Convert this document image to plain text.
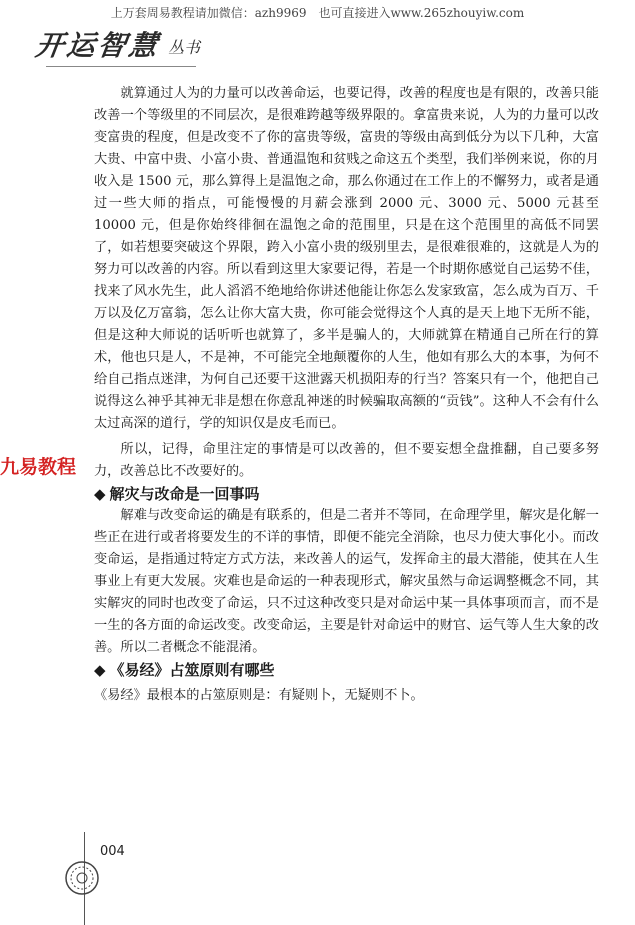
上万套周易教程请加微信：azh9969　也可直接进入www.265zhouyiw.com
开运智慧 丛书
九易教程

就算通过人为的力量可以改善命运，也要记得，改善的程度也是有限的，改善只能改善一个等级里的不同层次，是很难跨越等级界限的。拿富贵来说，人为的力量可以改变富贵的程度，但是改变不了你的富贵等级，富贵的等级由高到低分为以下几种，大富大贵、中富中贵、小富小贵、普通温饱和贫贱之命这五个类型，我们举例来说，你的月收入是 1500 元，那么算得上是温饱之命，那么你通过在工作上的不懈努力，或者是通过一些大师的指点，可能慢慢的月薪会涨到 2000 元、3000 元、5000 元甚至 10000 元，但是你始终徘徊在温饱之命的范围里，只是在这个范围里的高低不同罢了，如若想要突破这个界限，跨入小富小贵的级别里去，是很难很难的，这就是人为的努力可以改善的内容。所以看到这里大家要记得，若是一个时期你感觉自己运势不佳，找来了风水先生，此人滔滔不绝地给你讲述他能让你怎么发家致富，怎么成为百万、千万以及亿万富翁，怎么让你大富大贵，你可能会觉得这个人真的是天上地下无所不能，但是这种大师说的话听听也就算了，多半是骗人的，大师就算在精通自己所在行的算术，他也只是人，不是神，不可能完全地颠覆你的人生，他如有那么大的本事，为何不给自己指点迷津，为何自己还要干这泄露天机损阳寿的行当？答案只有一个，他把自己说得这么神乎其神无非是想在你意乱神迷的时候骗取高额的“贡钱”。这种人不会有什么太过高深的道行，学的知识仅是皮毛而已。

所以，记得，命里注定的事情是可以改善的，但不要妄想全盘推翻，自己要多努力，改善总比不改要好的。

◆ 解灾与改命是一回事吗

解难与改变命运的确是有联系的，但是二者并不等同，在命理学里，解灾是化解一些正在进行或者将要发生的不详的事情，即便不能完全消除，也尽力使大事化小。而改变命运，是指通过特定方式方法，来改善人的运气，发挥命主的最大潜能，使其在人生事业上有更大发展。灾难也是命运的一种表现形式，解灾虽然与命运调整概念不同，其实解灾的同时也改变了命运，只不过这种改变只是对命运中某一具体事项而言，而不是一生的各方面的命运改变。改变命运，主要是针对命运中的财官、运气等人生大象的改善。所以二者概念不能混淆。

◆ 《易经》占筮原则有哪些

《易经》最根本的占筮原则是：有疑则卜，无疑则不卜。

004
